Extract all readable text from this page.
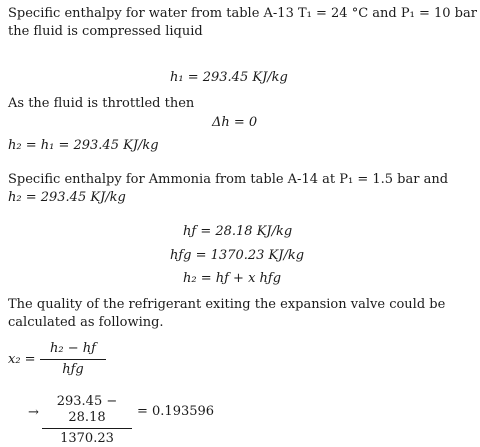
Specific enthalpy for water from table A-13 T₁ = 24 °C and P₁ = 10 bar
the fluid is compressed liquid
h₁ = 293.45 KJ/kg
As the fluid is throttled then
Δh = 0
h₂ = h₁ = 293.45 KJ/kg
Specific enthalpy for Ammonia from table A-14 at P₁ = 1.5 bar and
h₂ = 293.45 KJ/kg
hƒ = 28.18 KJ/kg
hƒg = 1370.23 KJ/kg
h₂ = hƒ + x hƒg
The quality of the refrigerant exiting the expansion valve could be
calculated as following.
x₂ =
h₂ − hƒ
hƒg
→
293.45 − 28.18
1370.23
= 0.193596
